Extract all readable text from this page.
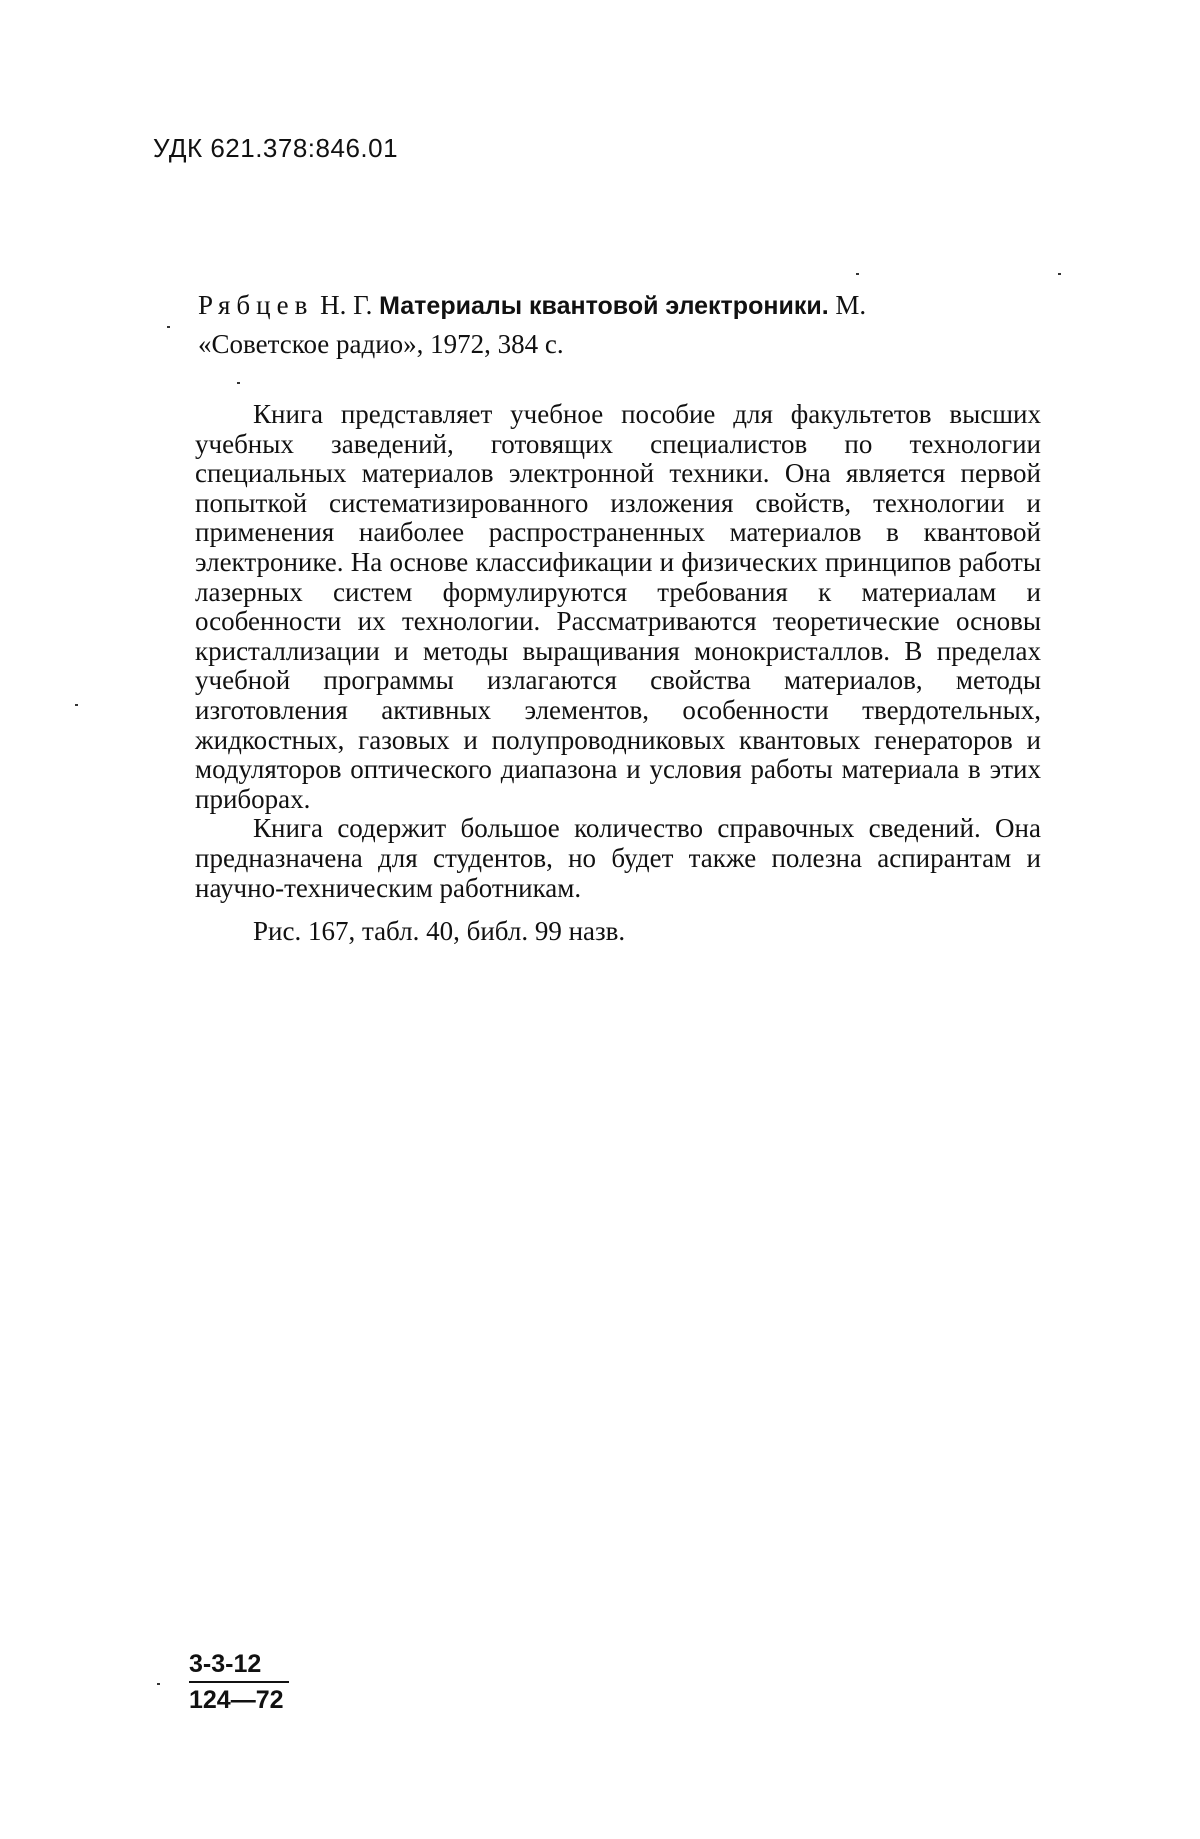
УДК 621.378:846.01
Рябцев Н. Г. Материалы квантовой электроники. М.
«Советское радио», 1972, 384 с.

Книга представляет учебное пособие для факультетов высших учебных заведений, готовящих специалистов по технологии специальных материалов электронной техники. Она является первой попыткой систематизированного изложения свойств, технологии и применения наиболее распространенных материалов в квантовой электронике. На основе классификации и физических принципов работы лазерных систем формулируются требования к материалам и особенности их технологии. Рассматриваются теоретические основы кристаллизации и методы выращивания монокристаллов. В пределах учебной программы излагаются свойства материалов, методы изготовления активных элементов, особенности твердотельных, жидкостных, газовых и полупроводниковых квантовых генераторов и модуляторов оптического диапазона и условия работы материала в этих приборах.

Книга содержит большое количество справочных сведений. Она предназначена для студентов, но будет также полезна аспирантам и научно-техническим работникам.

Рис. 167, табл. 40, библ. 99 назв.

$\frac{3-3-12}{124—72}$
